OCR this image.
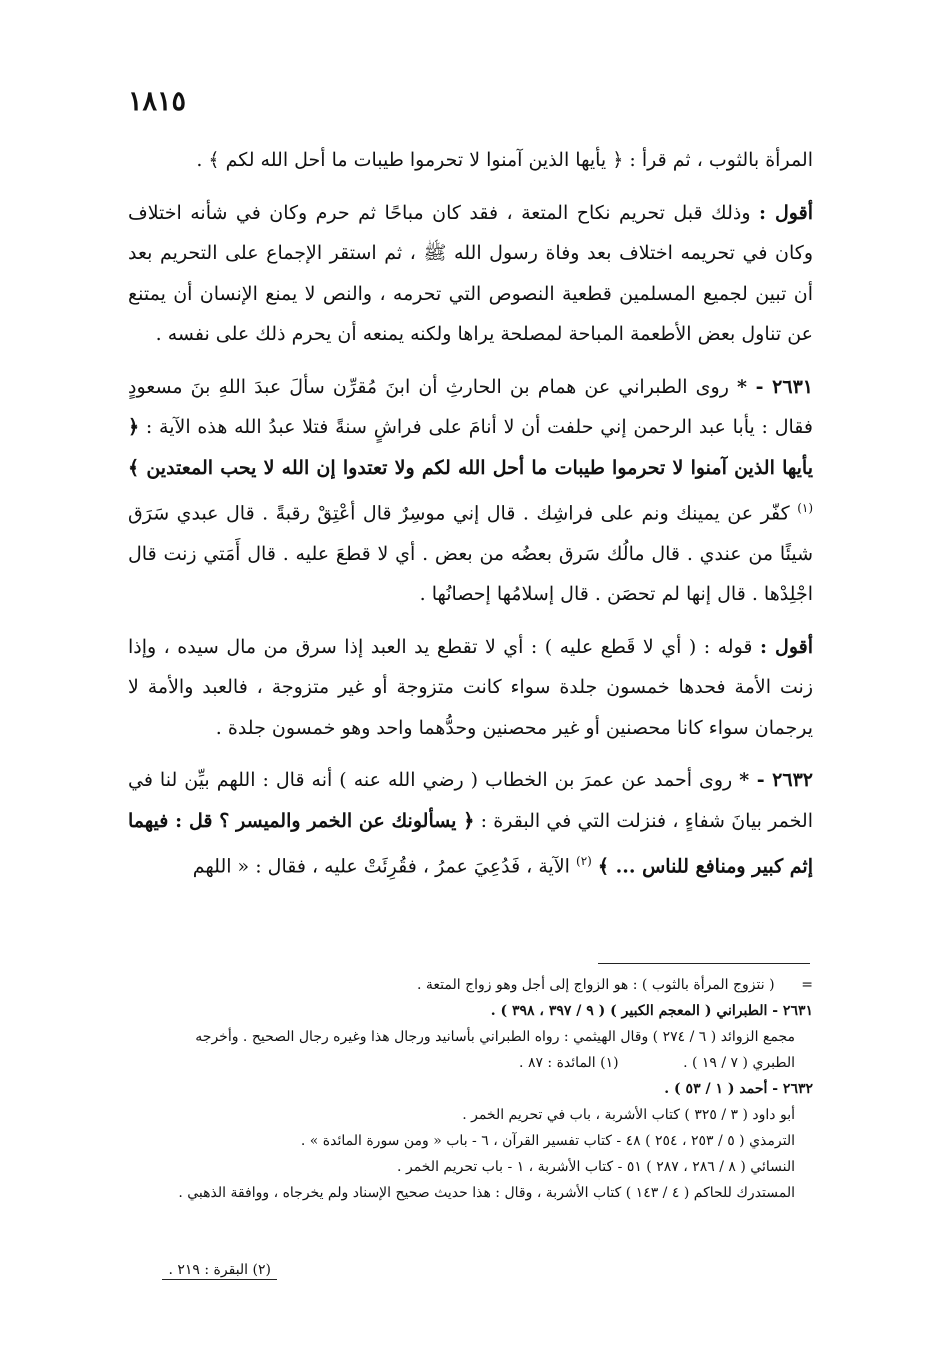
١٨١٥

المرأة بالثوب ، ثم قرأ : ﴿ يأيها الذين آمنوا لا تحرموا طيبات ما أحل الله لكم ﴾ .

أقول : وذلك قبل تحريم نكاح المتعة ، فقد كان مباحًا ثم حرم وكان في شأنه اختلاف وكان في تحريمه اختلاف بعد وفاة رسول الله ﷺ ، ثم استقر الإجماع على التحريم بعد أن تبين لجميع المسلمين قطعية النصوص التي تحرمه ، والنص لا يمنع الإنسان أن يمتنع عن تناول بعض الأطعمة المباحة لمصلحة يراها ولكنه يمنعه أن يحرم ذلك على نفسه .

٢٦٣١ - * روى الطبراني عن همام بن الحارثِ أن ابنَ مُقرِّن سألَ عبدَ اللهِ بنَ مسعودٍ فقال : يأبا عبد الرحمن إني حلفت أن لا أنامَ على فراشٍ سنةً فتلا عبدُ الله هذه الآية : ﴿ يأيها الذين آمنوا لا تحرموا طيبات ما أحل الله لكم ولا تعتدوا إن الله لا يحب المعتدين ﴾ $^{(١)}$ كفّر عن يمينك ونم على فراشِك . قال إني موسِرٌ قال أعْتِقْ رقبةً . قال عبدي سَرَق شيئًا من عندي . قال مالُك سَرق بعضُه من بعض . أي لا قطعَ عليه . قال أَمَتي زنت قال اجْلِدْها . قال إنها لم تحصَن . قال إسلامُها إحصانُها .

أقول : قوله : ( أي لا قَطع عليه ) : أي لا تقطع يد العبد إذا سرق من مال سيده ، وإذا زنت الأمة فحدها خمسون جلدة سواء كانت متزوجة أو غير متزوجة ، فالعبد والأمة لا يرجمان سواء كانا محصنين أو غير محصنين وحدُّهما واحد وهو خمسون جلدة .

٢٦٣٢ - * روى أحمد عن عمرَ بن الخطاب ( رضي الله عنه ) أنه قال : اللهم بيِّن لنا في الخمر بيانَ شفاءٍ ، فنزلت التي في البقرة : ﴿ يسألونك عن الخمر والميسر ؟ قل : فيهما إثم كبير ومنافع للناس ... ﴾ $^{(٢)}$ الآية ، فَدُعِيَ عمرُ ، فقُرِئَتْ عليه ، فقال : « اللهم

=      ( نتزوج المرأة بالثوب ) : هو الزواج إلى أجل وهو زواج المتعة .

٢٦٣١ - الطبراني ( المعجم الكبير ) ( ٩ / ٣٩٧ ، ٣٩٨ ) .

مجمع الزوائد ( ٦ / ٢٧٤ ) وقال الهيثمي : رواه الطبراني بأسانيد ورجال هذا وغيره رجال الصحيح . وأخرجه

الطبري ( ٧ / ١٩ ) . (١) المائدة : ٨٧ .

٢٦٣٢ - أحمد ( ١ / ٥٣ ) .

أبو داود ( ٣ / ٣٢٥ ) كتاب الأشربة ، باب في تحريم الخمر .

الترمذي ( ٥ / ٢٥٣ ، ٢٥٤ ) ٤٨ - كتاب تفسير القرآن ، ٦ - باب « ومن سورة المائدة » .

النسائي ( ٨ / ٢٨٦ ، ٢٨٧ ) ٥١ - كتاب الأشربة ، ١ - باب تحريم الخمر .

المستدرك للحاكم ( ٤ / ١٤٣ ) كتاب الأشربة ، وقال : هذا حديث صحيح الإسناد ولم يخرجاه ، ووافقة الذهبي .

(٢) البقرة : ٢١٩ .
